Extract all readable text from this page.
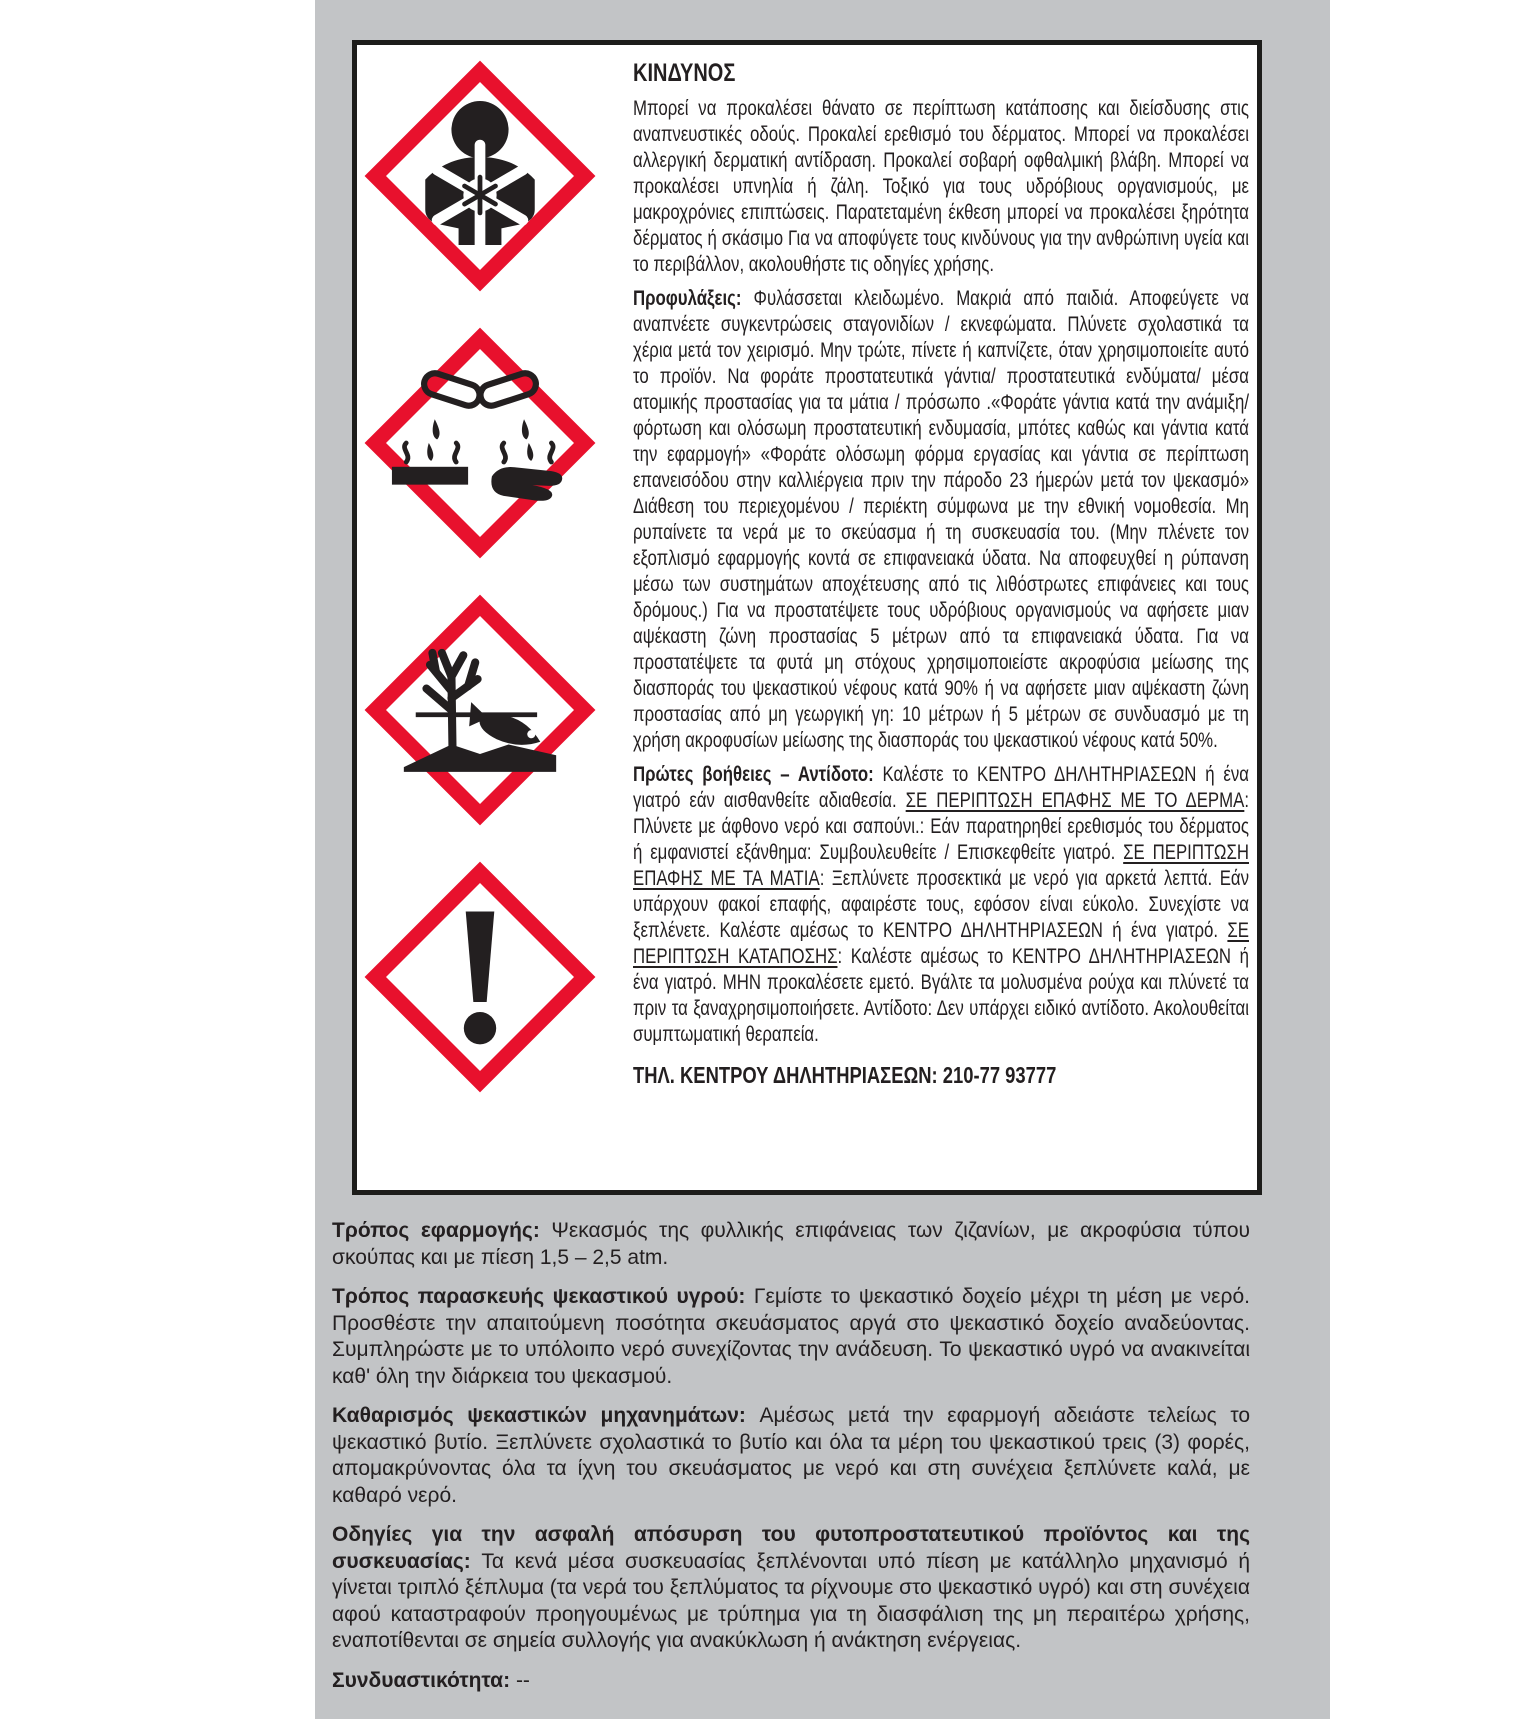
ΚΙΝΔΥΝΟΣ

Μπορεί να προκαλέσει θάνατο σε περίπτωση κατάποσης και διείσδυσης στις αναπνευστικές οδούς. Προκαλεί ερεθισμό του δέρματος. Μπορεί να προκαλέσει αλλεργική δερματική αντίδραση. Προκαλεί σοβαρή οφθαλμική βλάβη. Μπορεί να προκαλέσει υπνηλία ή ζάλη. Τοξικό για τους υδρόβιους οργανισμούς, με μακροχρόνιες επιπτώσεις. Παρατεταμένη έκθεση μπορεί να προκαλέσει ξηρότητα δέρματος ή σκάσιμο Για να αποφύγετε τους κινδύνους για την ανθρώπινη υγεία και το περιβάλλον, ακολουθήστε τις οδηγίες χρήσης.

Προφυλάξεις: Φυλάσσεται κλειδωμένο. Μακριά από παιδιά. Αποφεύγετε να αναπνέετε συγκεντρώσεις σταγονιδίων / εκνεφώματα. Πλύνετε σχολαστικά τα χέρια μετά τον χειρισμό. Μην τρώτε, πίνετε ή καπνίζετε, όταν χρησιμοποιείτε αυτό το προϊόν. Να φοράτε προστατευτικά γάντια/ προστατευτικά ενδύματα/ μέσα ατομικής προστασίας για τα μάτια / πρόσωπο .«Φοράτε γάντια κατά την ανάμιξη/ φόρτωση και ολόσωμη προστατευτική ενδυμασία, μπότες καθώς και γάντια κατά την εφαρμογή» «Φοράτε ολόσωμη φόρμα εργασίας και γάντια σε περίπτωση επανεισόδου στην καλλιέργεια πριν την πάροδο 23 ήμερών μετά τον ψεκασμό» Διάθεση του περιεχομένου / περιέκτη σύμφωνα με την εθνική νομοθεσία. Μη ρυπαίνετε τα νερά με το σκεύασμα ή τη συσκευασία του. (Μην πλένετε τον εξοπλισμό εφαρμογής κοντά σε επιφανειακά ύδατα. Να αποφευχθεί η ρύπανση μέσω των συστημάτων αποχέτευσης από τις λιθόστρωτες επιφάνειες και τους δρόμους.) Για να προστατέψετε τους υδρόβιους οργανισμούς να αφήσετε μιαν αψέκαστη ζώνη προστασίας 5 μέτρων από τα επιφανειακά ύδατα. Για να προστατέψετε τα φυτά μη στόχους χρησιμοποιείστε ακροφύσια μείωσης της διασποράς του ψεκαστικού νέφους κατά 90% ή να αφήσετε μιαν αψέκαστη ζώνη προστασίας από μη γεωργική γη: 10 μέτρων ή 5 μέτρων σε συνδυασμό με τη χρήση ακροφυσίων μείωσης της διασποράς του ψεκαστικού νέφους κατά 50%.

Πρώτες βοήθειες – Αντίδοτο: Καλέστε το ΚΕΝΤΡΟ ΔΗΛΗΤΗΡΙΑΣΕΩΝ ή ένα γιατρό εάν αισθανθείτε αδιαθεσία. ΣΕ ΠΕΡΙΠΤΩΣΗ ΕΠΑΦΗΣ ΜΕ ΤΟ ΔΕΡΜΑ: Πλύνετε με άφθονο νερό και σαπούνι.: Εάν παρατηρηθεί ερεθισμός του δέρματος ή εμφανιστεί εξάνθημα: Συμβουλευθείτε / Επισκεφθείτε γιατρό. ΣΕ ΠΕΡΙΠΤΩΣΗ ΕΠΑΦΗΣ ΜΕ ΤΑ ΜΑΤΙΑ: Ξεπλύνετε προσεκτικά με νερό για αρκετά λεπτά. Εάν υπάρχουν φακοί επαφής, αφαιρέστε τους, εφόσον είναι εύκολο. Συνεχίστε να ξεπλένετε. Καλέστε αμέσως το ΚΕΝΤΡΟ ΔΗΛΗΤΗΡΙΑΣΕΩΝ ή ένα γιατρό. ΣΕ ΠΕΡΙΠΤΩΣΗ ΚΑΤΑΠΟΣΗΣ: Καλέστε αμέσως το ΚΕΝΤΡΟ ΔΗΛΗΤΗΡΙΑΣΕΩΝ ή ένα γιατρό. ΜΗΝ προκαλέσετε εμετό. Βγάλτε τα μολυσμένα ρούχα και πλύνετέ τα πριν τα ξαναχρησιμοποιήσετε. Αντίδοτο: Δεν υπάρχει ειδικό αντίδοτο. Ακολουθείται συμπτωματική θεραπεία.

ΤΗΛ. ΚΕΝΤΡΟΥ ΔΗΛΗΤΗΡΙΑΣΕΩΝ: 210-77 93777

Τρόπος εφαρμογής: Ψεκασμός της φυλλικής επιφάνειας των ζιζανίων, με ακροφύσια τύπου σκούπας και με πίεση 1,5 – 2,5 atm.

Τρόπος παρασκευής ψεκαστικού υγρού: Γεμίστε το ψεκαστικό δοχείο μέχρι τη μέση με νερό. Προσθέστε την απαιτούμενη ποσότητα σκευάσματος αργά στο ψεκαστικό δοχείο αναδεύοντας. Συμπληρώστε με το υπόλοιπο νερό συνεχίζοντας την ανάδευση. Το ψεκαστικό υγρό να ανακινείται καθ' όλη την διάρκεια του ψεκασμού.

Καθαρισμός ψεκαστικών μηχανημάτων: Αμέσως μετά την εφαρμογή αδειάστε τελείως το ψεκαστικό βυτίο. Ξεπλύνετε σχολαστικά το βυτίο και όλα τα μέρη του ψεκαστικού τρεις (3) φορές, απομακρύνοντας όλα τα ίχνη του σκευάσματος με νερό και στη συνέχεια ξεπλύνετε καλά, με καθαρό νερό.

Οδηγίες για την ασφαλή απόσυρση του φυτοπροστατευτικού προϊόντος και της συσκευασίας: Τα κενά μέσα συσκευασίας ξεπλένονται υπό πίεση με κατάλληλο μηχανισμό ή γίνεται τριπλό ξέπλυμα (τα νερά του ξεπλύματος τα ρίχνουμε στο ψεκαστικό υγρό) και στη συνέχεια αφού καταστραφούν προηγουμένως με τρύπημα για τη διασφάλιση της μη περαιτέρω χρήσης, εναποτίθενται σε σημεία συλλογής για ανακύκλωση ή ανάκτηση ενέργειας.

Συνδυαστικότητα: --
